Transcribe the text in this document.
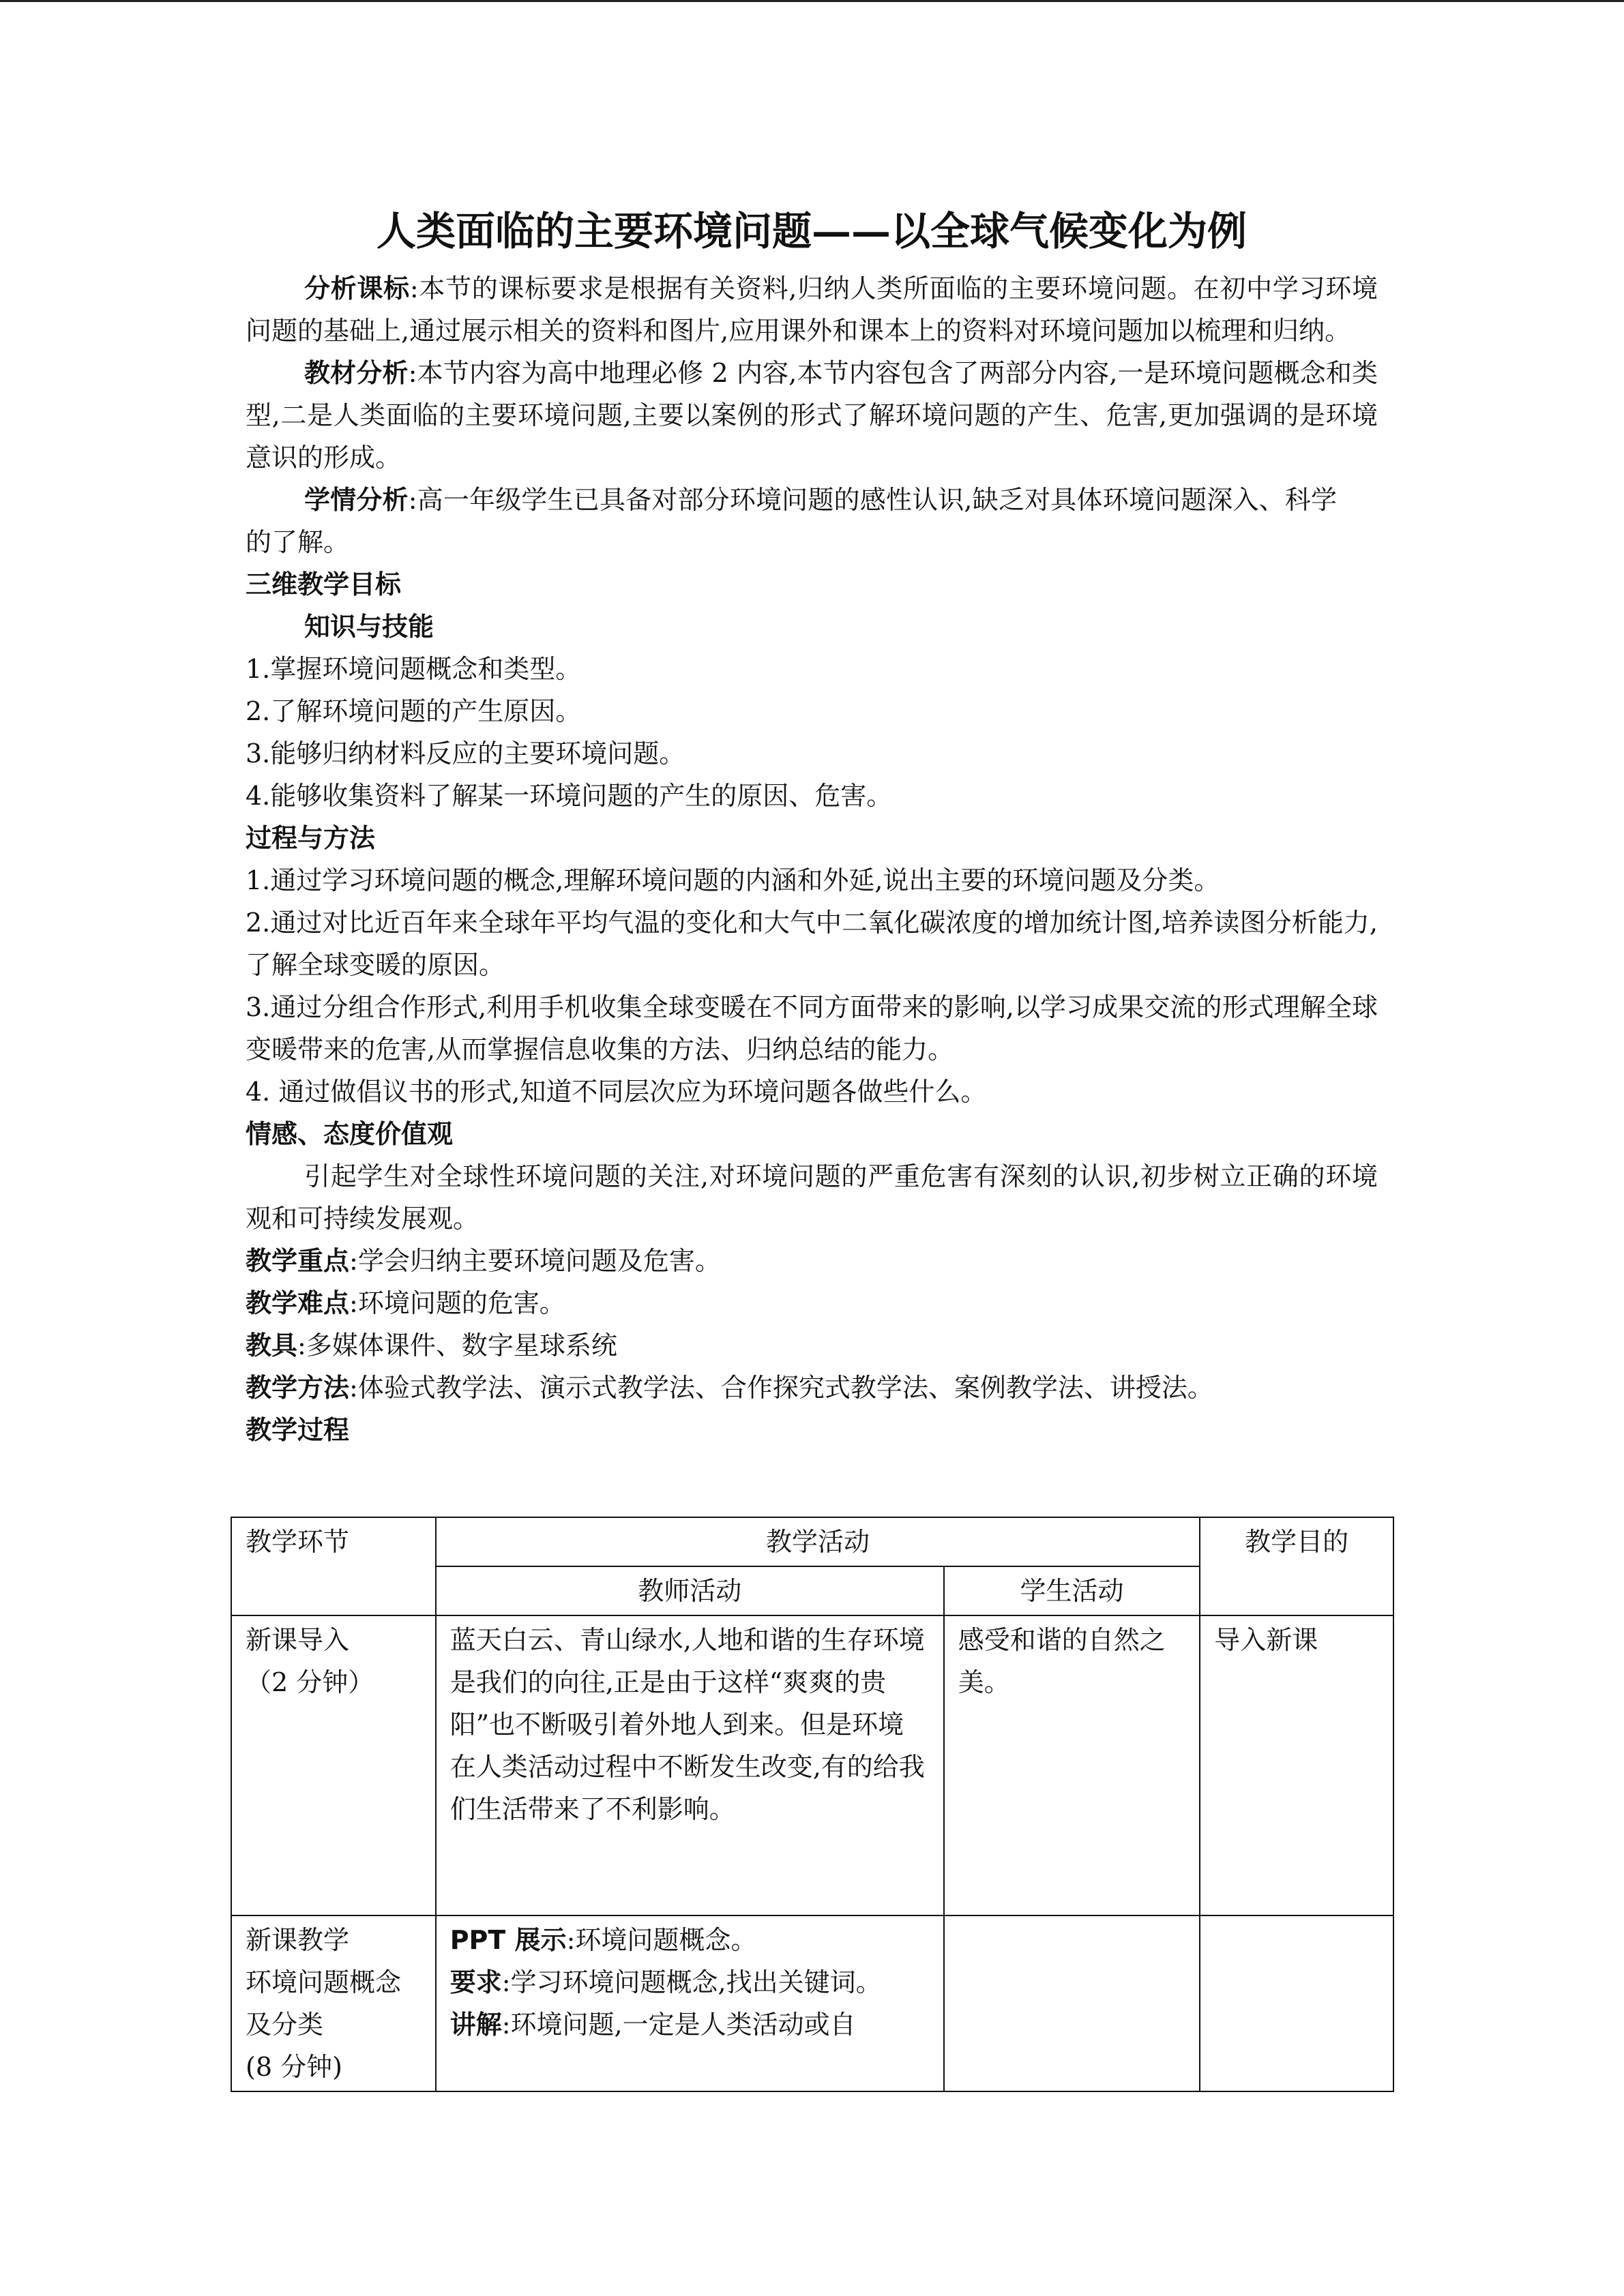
人类面临的主要环境问题——以全球气候变化为例

分析课标:本节的课标要求是根据有关资料,归纳人类所面临的主要环境问题。在初中学习环境问题的基础上,通过展示相关的资料和图片,应用课外和课本上的资料对环境问题加以梳理和归纳。

教材分析:本节内容为高中地理必修 2 内容,本节内容包含了两部分内容,一是环境问题概念和类型,二是人类面临的主要环境问题,主要以案例的形式了解环境问题的产生、危害,更加强调的是环境意识的形成。

学情分析:高一年级学生已具备对部分环境问题的感性认识,缺乏对具体环境问题深入、科学的了解。

三维教学目标

知识与技能

1.掌握环境问题概念和类型。
2.了解环境问题的产生原因。
3.能够归纳材料反应的主要环境问题。
4.能够收集资料了解某一环境问题的产生的原因、危害。

过程与方法

1.通过学习环境问题的概念,理解环境问题的内涵和外延,说出主要的环境问题及分类。
2.通过对比近百年来全球年平均气温的变化和大气中二氧化碳浓度的增加统计图,培养读图分析能力,了解全球变暖的原因。
3.通过分组合作形式,利用手机收集全球变暖在不同方面带来的影响,以学习成果交流的形式理解全球变暖带来的危害,从而掌握信息收集的方法、归纳总结的能力。
4. 通过做倡议书的形式,知道不同层次应为环境问题各做些什么。

情感、态度价值观

引起学生对全球性环境问题的关注,对环境问题的严重危害有深刻的认识,初步树立正确的环境观和可持续发展观。

教学重点:学会归纳主要环境问题及危害。

教学难点:环境问题的危害。

教具:多媒体课件、数字星球系统

教学方法:体验式教学法、演示式教学法、合作探究式教学法、案例教学法、讲授法。

教学过程

教学环节	教学活动		教学目的
	教师活动	学生活动	

新课导入
（2 分钟）	蓝天白云、青山绿水,人地和谐的生存环境是我们的向往,正是由于这样“爽爽的贵阳”也不断吸引着外地人到来。但是环境在人类活动过程中不断发生改变,有的给我们生活带来了不利影响。	感受和谐的自然之美。	导入新课

新课教学
环境问题概念
及分类
(8 分钟)	PPT 展示:环境问题概念。
要求:学习环境问题概念,找出关键词。
讲解:环境问题,一定是人类活动或自		
